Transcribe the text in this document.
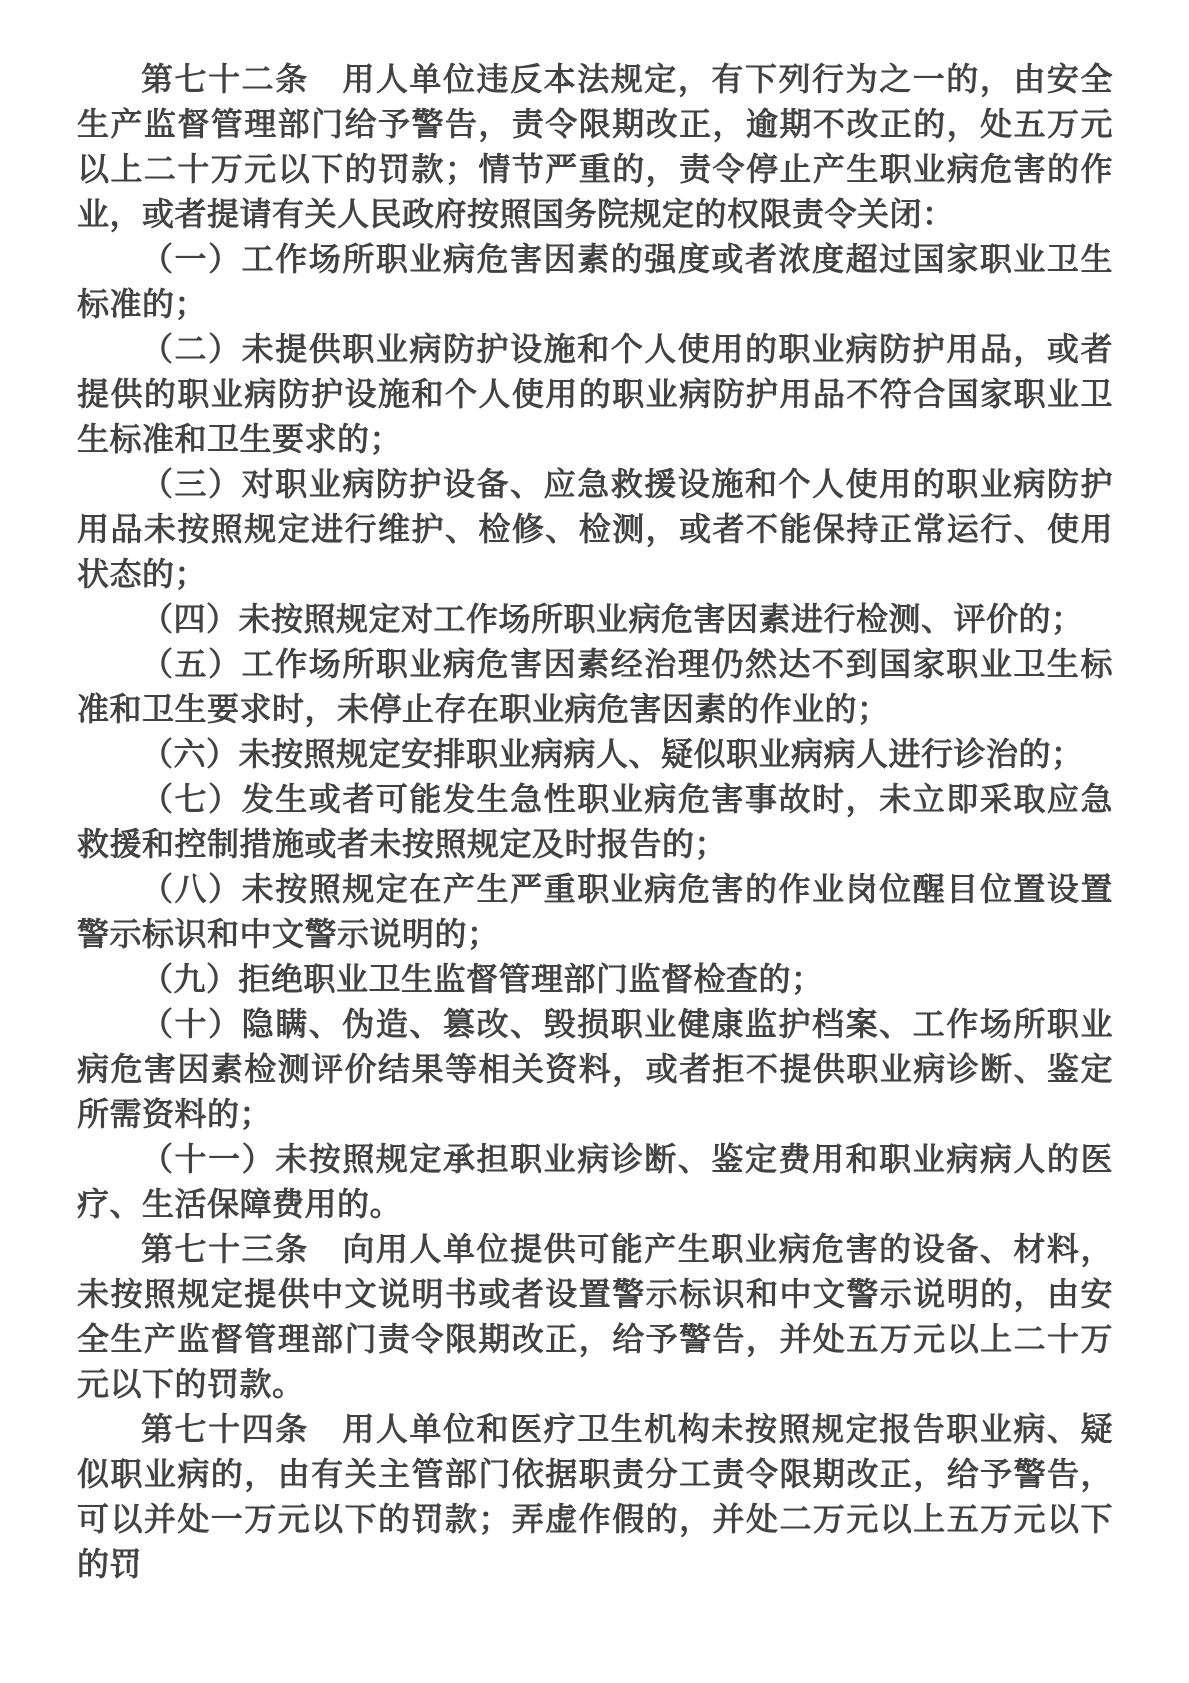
第七十二条　用人单位违反本法规定，有下列行为之一的，由安全生产监督管理部门给予警告，责令限期改正，逾期不改正的，处五万元以上二十万元以下的罚款；情节严重的，责令停止产生职业病危害的作业，或者提请有关人民政府按照国务院规定的权限责令关闭：

（一）工作场所职业病危害因素的强度或者浓度超过国家职业卫生标准的；

（二）未提供职业病防护设施和个人使用的职业病防护用品，或者提供的职业病防护设施和个人使用的职业病防护用品不符合国家职业卫生标准和卫生要求的；

（三）对职业病防护设备、应急救援设施和个人使用的职业病防护用品未按照规定进行维护、检修、检测，或者不能保持正常运行、使用状态的；

（四）未按照规定对工作场所职业病危害因素进行检测、评价的；

（五）工作场所职业病危害因素经治理仍然达不到国家职业卫生标准和卫生要求时，未停止存在职业病危害因素的作业的；

（六）未按照规定安排职业病病人、疑似职业病病人进行诊治的；

（七）发生或者可能发生急性职业病危害事故时，未立即采取应急救援和控制措施或者未按照规定及时报告的；

（八）未按照规定在产生严重职业病危害的作业岗位醒目位置设置警示标识和中文警示说明的；

（九）拒绝职业卫生监督管理部门监督检查的；

（十）隐瞒、伪造、篡改、毁损职业健康监护档案、工作场所职业病危害因素检测评价结果等相关资料，或者拒不提供职业病诊断、鉴定所需资料的；

（十一）未按照规定承担职业病诊断、鉴定费用和职业病病人的医疗、生活保障费用的。

第七十三条　向用人单位提供可能产生职业病危害的设备、材料，未按照规定提供中文说明书或者设置警示标识和中文警示说明的，由安全生产监督管理部门责令限期改正，给予警告，并处五万元以上二十万元以下的罚款。

第七十四条　用人单位和医疗卫生机构未按照规定报告职业病、疑似职业病的，由有关主管部门依据职责分工责令限期改正，给予警告，可以并处一万元以下的罚款；弄虚作假的，并处二万元以上五万元以下的罚
